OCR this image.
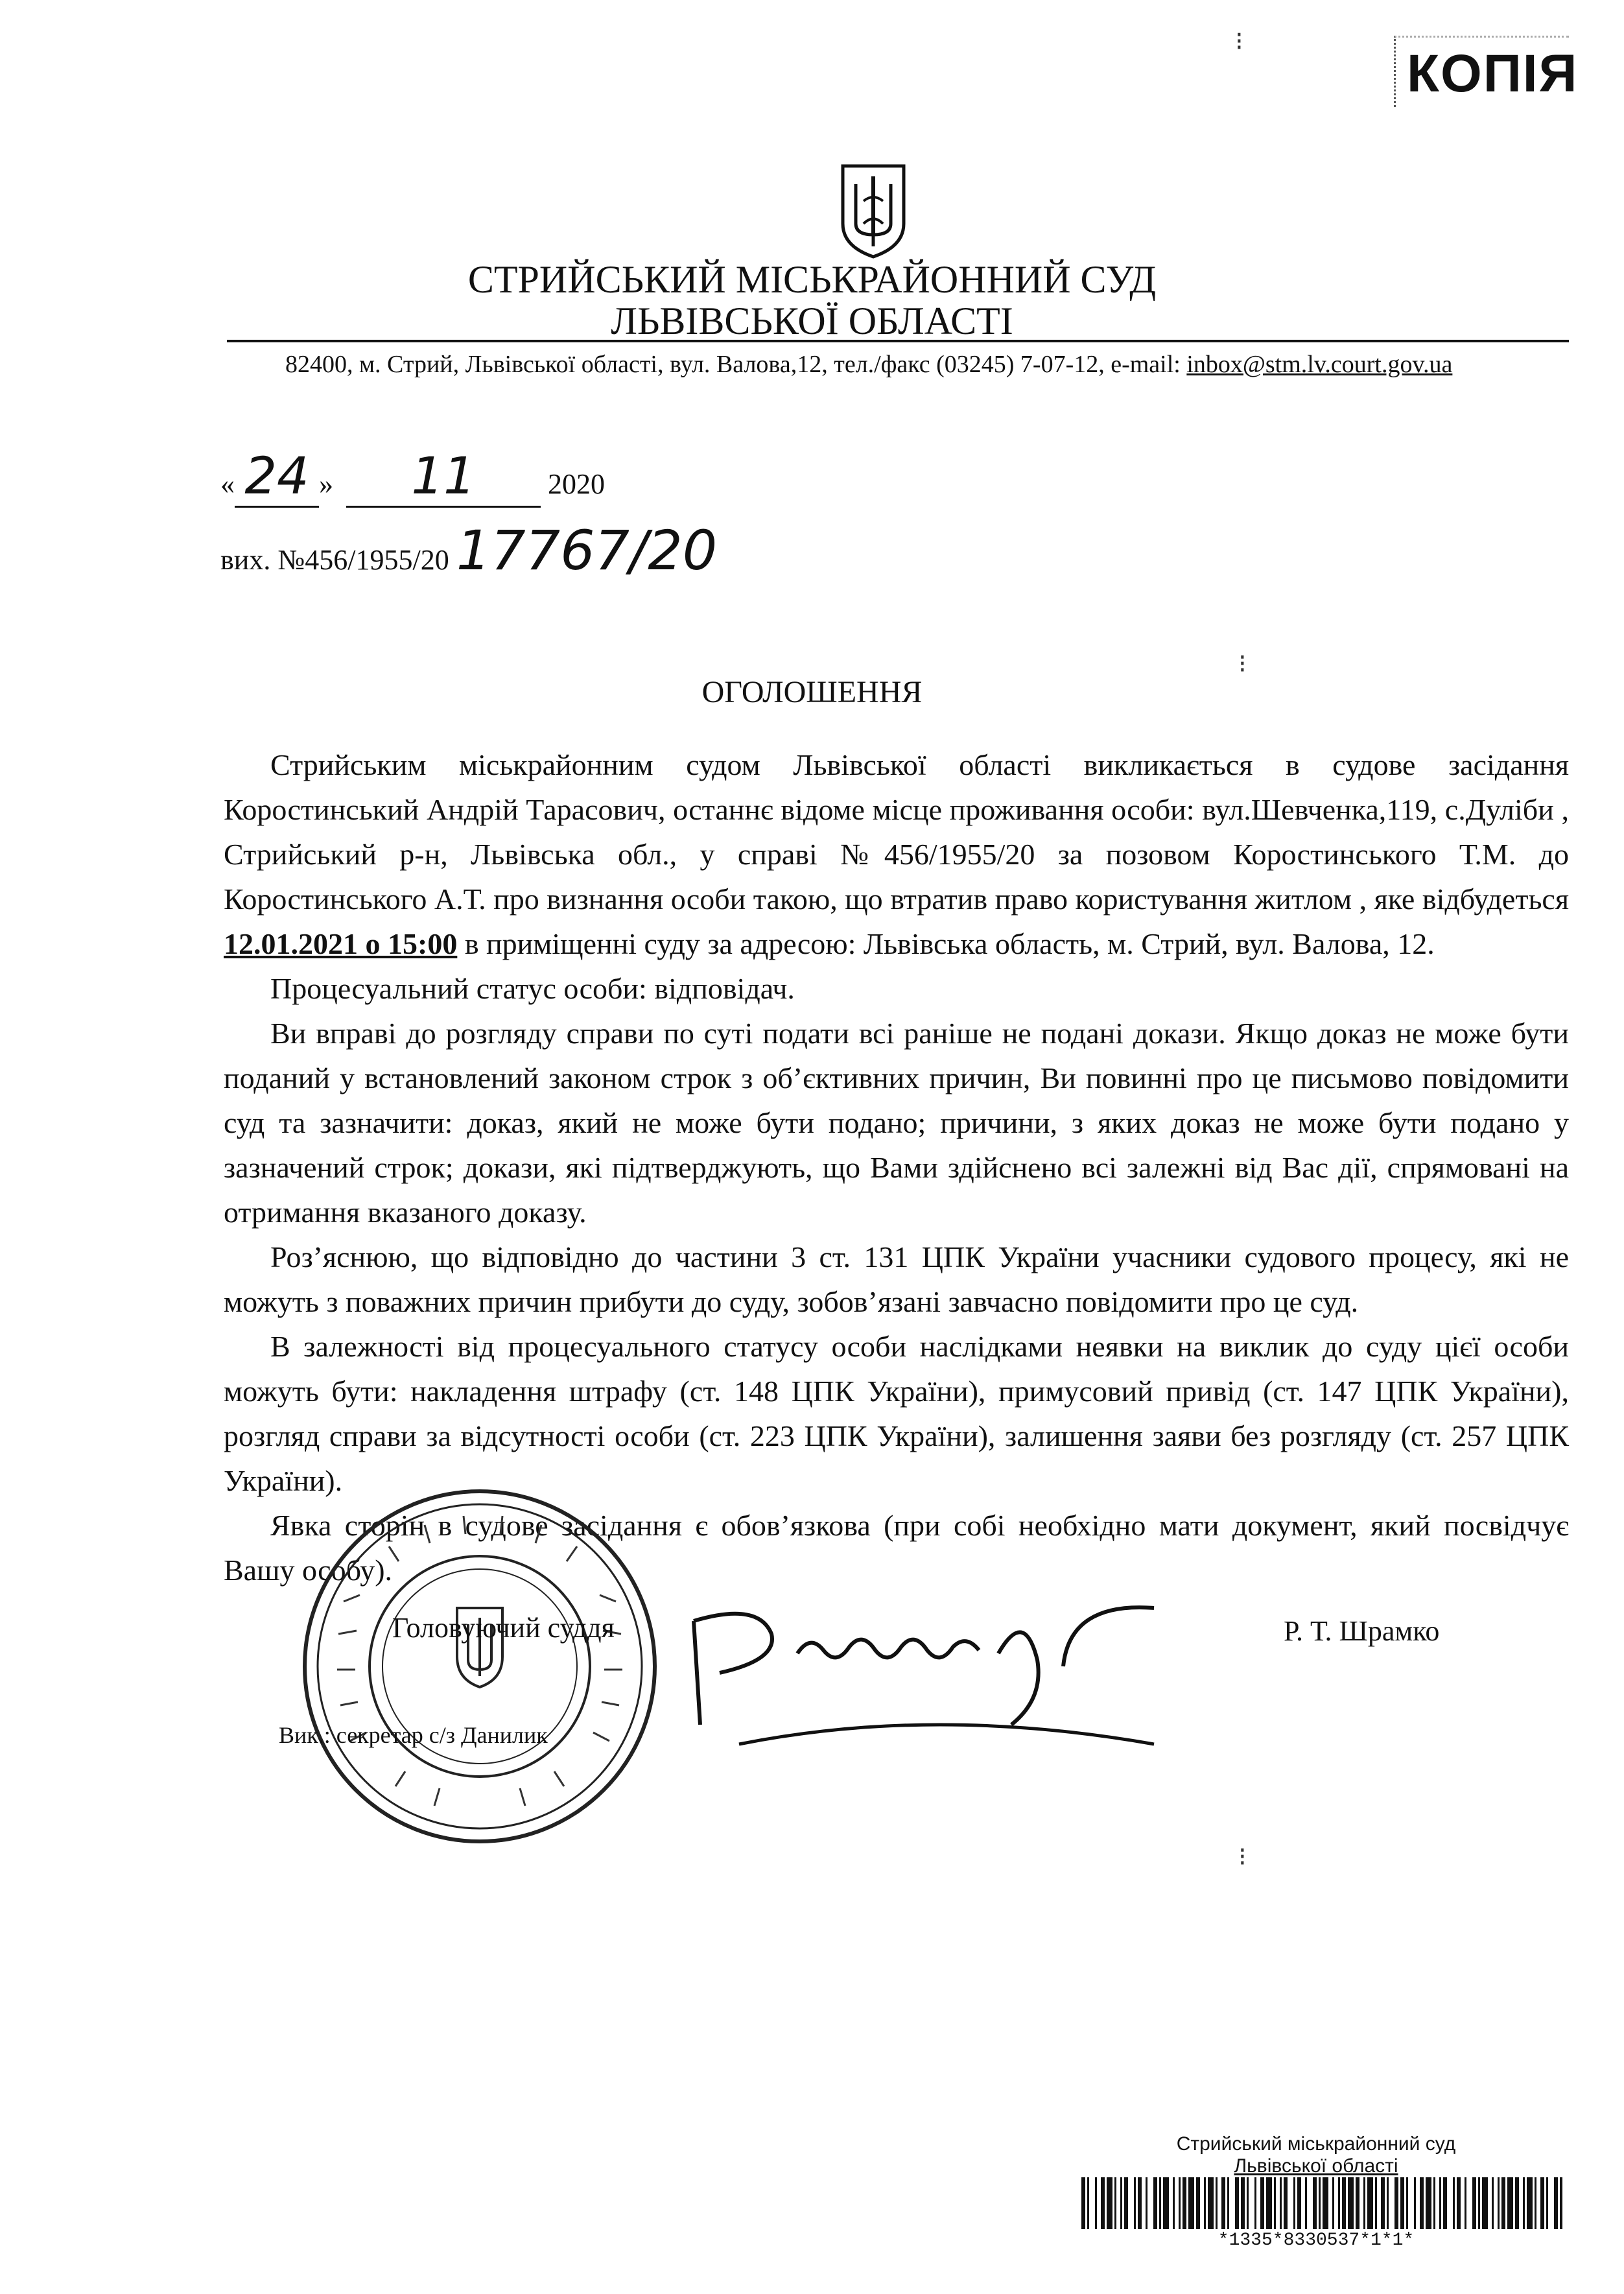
КОПІЯ
СТРИЙСЬКИЙ МІСЬКРАЙОННИЙ СУД
ЛЬВІВСЬКОЇ ОБЛАСТІ
82400, м. Стрий, Львівської області, вул. Валова,12, тел./факс (03245) 7-07-12, e-mail: inbox@stm.lv.court.gov.ua
« 24 » 11	2020
вих. №456/1955/20 17767/20
⁝
⁝
⁝
ОГОЛОШЕННЯ

Стрийським міськрайонним судом Львівської області викликається в судове засідання Коростинський Андрій Тарасович, останнє відоме місце проживання особи: вул.Шевченка,119, с.Дуліби , Стрийський р-н, Львівська обл., у справі №456/1955/20 за позовом Коростинського Т.М. до Коростинського А.Т. про визнання особи такою, що втратив право користування житлом , яке відбудеться 12.01.2021 о 15:00 в приміщенні суду за адресою: Львівська область, м. Стрий, вул. Валова, 12.

Процесуальний статус особи: відповідач.

Ви вправі до розгляду справи по суті подати всі раніше не подані докази. Якщо доказ не може бути поданий у встановлений законом строк з об’єктивних причин, Ви повинні про це письмово повідомити суд та зазначити: доказ, який не може бути подано; причини, з яких доказ не може бути подано у зазначений строк; докази, які підтверджують, що Вами здійснено всі залежні від Вас дії, спрямовані на отримання вказаного доказу.

Роз’яснюю, що відповідно до частини 3 ст. 131 ЦПК України учасники судового процесу, які не можуть з поважних причин прибути до суду, зобов’язані завчасно повідомити про це суд.

В залежності від процесуального статусу особи наслідками неявки на виклик до суду цієї особи можуть бути: накладення штрафу (ст. 148 ЦПК України), примусовий привід (ст. 147 ЦПК України), розгляд справи за відсутності особи (ст. 223 ЦПК України), залишення заяви без розгляду (ст. 257 ЦПК України).

Явка сторін в судове засідання є обов’язкова (при собі необхідно мати документ, який посвідчує Вашу особу).

Головуючий суддя	Р. Т. Шрамко
Вик.: секретар с/з Данилик
Стрийський міськрайонний суд
Львівської області
*1335*8330537*1*1*
